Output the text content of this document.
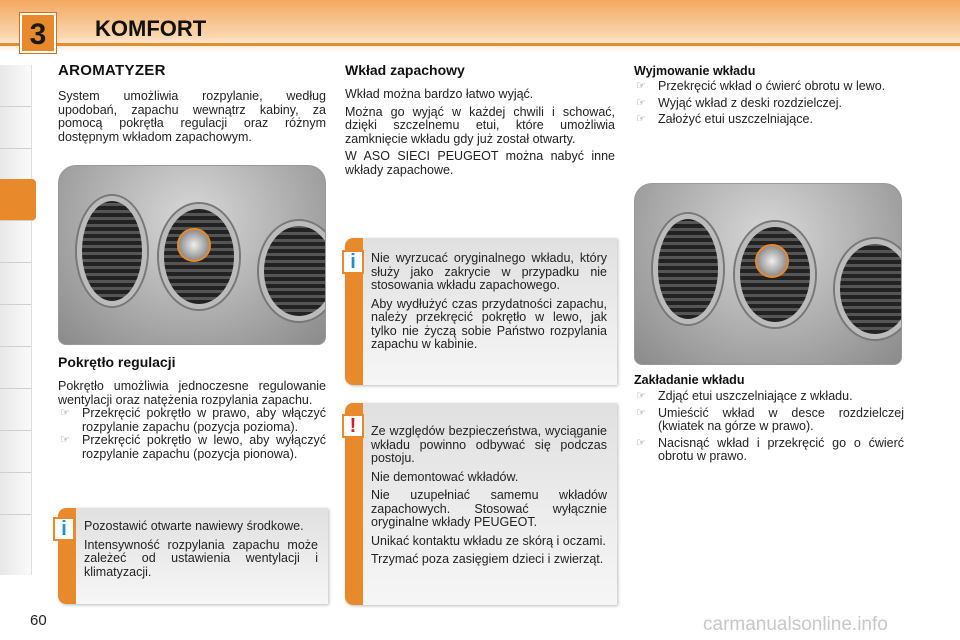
3	KOMFORT
AROMATYZER
System umożliwia rozpylanie, według upodobań, zapachu wewnątrz kabiny, za pomocą pokrętła regulacji oraz różnym dostępnym wkładom zapachowym.
Pokrętło regulacji

Pokrętło umożliwia jednoczesne regulowanie wentylacji oraz natężenia rozpylania zapachu.

☞ Przekręcić pokrętło w prawo, aby włączyć rozpylanie zapachu (pozycja pozioma).
☞ Przekręcić pokrętło w lewo, aby wyłączyć rozpylanie zapachu (pozycja pionowa).

Pozostawić otwarte nawiewy środkowe.

Intensywność rozpylania zapachu może zależeć od ustawienia wentylacji i klimatyzacji.

i
Wkład zapachowy

Wkład można bardzo łatwo wyjąć.

Można go wyjąć w każdej chwili i schować, dzięki szczelnemu etui, które umożliwia zamknięcie wkładu gdy już został otwarty.

W ASO SIECI PEUGEOT można nabyć inne wkłady zapachowe.

Nie wyrzucać oryginalnego wkładu, który służy jako zakrycie w przypadku nie stosowania wkładu zapachowego.

Aby wydłużyć czas przydatności zapachu, należy przekręcić pokrętło w lewo, jak tylko nie życzą sobie Państwo rozpylania zapachu w kabinie.

i

Ze względów bezpieczeństwa, wyciąganie wkładu powinno odbywać się podczas postoju.

Nie demontować wkładów.

Nie uzupełniać samemu wkładów zapachowych. Stosować wyłącznie oryginalne wkłady PEUGEOT.

Unikać kontaktu wkładu ze skórą i oczami.

Trzymać poza zasięgiem dzieci i zwierząt.

!
Wyjmowanie wkładu
☞ Przekręcić wkład o ćwierć obrotu w lewo.
☞ Wyjąć wkład z deski rozdzielczej.
☞ Założyć etui uszczelniające.
Zakładanie wkładu
☞ Zdjąć etui uszczelniające z wkładu.
☞ Umieścić wkład w desce rozdzielczej (kwiatek na górze w prawo).
☞ Nacisnąć wkład i przekręcić go o ćwierć obrotu w prawo.
60	carmanualsonline.info
